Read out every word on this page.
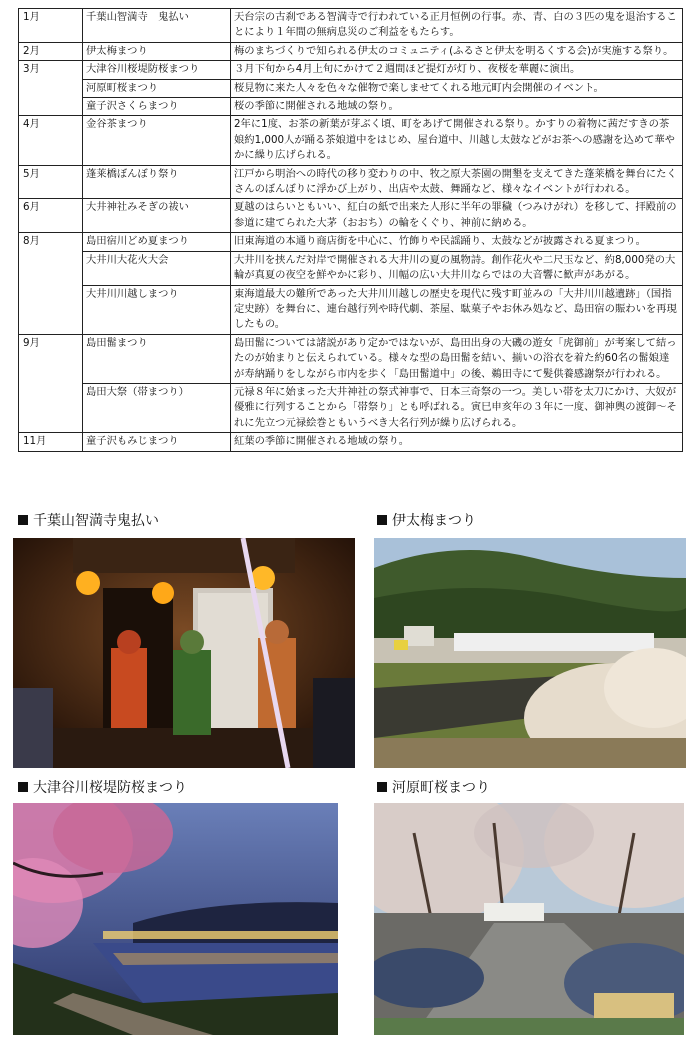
1月	千葉山智満寺　鬼払い	天台宗の古刹である智満寺で行われている正月恒例の行事。赤、青、白の３匹の鬼を退治することにより１年間の無病息災のご利益をもたらす。
2月	伊太梅まつり	梅のまちづくりで知られる伊太のコミュニティ(ふるさと伊太を明るくする会)が実施する祭り。
3月	大津谷川桜堤防桜まつり	３月下旬から4月上旬にかけて２週間ほど提灯が灯り、夜桜を華麗に演出。
	河原町桜まつり	桜見物に来た人々を色々な催物で楽しませてくれる地元町内会開催のイベント。
	童子沢さくらまつり	桜の季節に開催される地域の祭り。
4月	金谷茶まつり	2年に1度、お茶の新葉が芽ぶく頃、町をあげて開催される祭り。かすりの着物に茜だすきの茶娘約1,000人が踊る茶娘道中をはじめ、屋台道中、川越し太鼓などがお茶への感謝を込めて華やかに繰り広げられる。
5月	蓬莱橋ぼんぼり祭り	江戸から明治への時代の移り変わりの中、牧之原大茶園の開墾を支えてきた蓬莱橋を舞台にたくさんのぼんぼりに浮かび上がり、出店や太鼓、舞踊など、様々なイベントが行われる。
6月	大井神社みそぎの祓い	夏越のはらいともいい、紅白の紙で出来た人形に半年の罪穢（つみけがれ）を移して、拝殿前の参道に建てられた大茅（おおち）の輪をくぐり、神前に納める。
8月	島田宿川どめ夏まつり	旧東海道の本通り商店街を中心に、竹飾りや民謡踊り、太鼓などが披露される夏まつり。
	大井川大花火大会	大井川を挟んだ対岸で開催される大井川の夏の風物詩。創作花火や二尺玉など、約8,000発の大輪が真夏の夜空を鮮やかに彩り、川幅の広い大井川ならではの大音響に歓声があがる。
	大井川川越しまつり	東海道最大の難所であった大井川川越しの歴史を現代に残す町並みの「大井川川越遺跡」（国指定史跡）を舞台に、連台越行列や時代劇、茶屋、駄菓子やお休み処など、島田宿の賑わいを再現したもの。
9月	島田髷まつり	島田髷については諸説があり定かではないが、島田出身の大磯の遊女「虎御前」が考案して結ったのが始まりと伝えられている。様々な型の島田髷を結い、揃いの浴衣を着た約60名の髷娘達が寿納踊りをしながら市内を歩く「島田髷道中」の後、鵜田寺にて髪供養感謝祭が行われる。
	島田大祭（帯まつり）	元禄８年に始まった大井神社の祭式神事で、日本三奇祭の一つ。美しい帯を太刀にかけ、大奴が優雅に行列することから「帯祭り」とも呼ばれる。寅巳申亥年の３年に一度、御神輿の渡御～それに先立つ元禄絵巻ともいうべき大名行列が繰り広げられる。
11月	童子沢もみじまつり	紅葉の季節に開催される地域の祭り。
千葉山智満寺鬼払い	伊太梅まつり
大津谷川桜堤防桜まつり	河原町桜まつり
